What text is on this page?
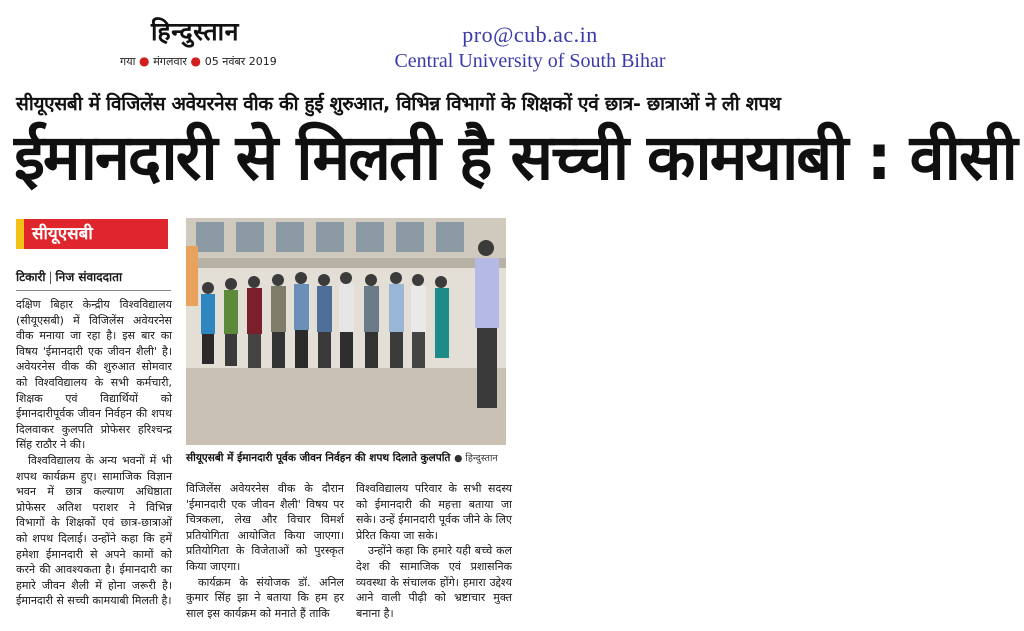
हिन्दुस्तान
गया ● मंगलवार ● 05 नवंबर 2019
pro@cub.ac.in
Central University of South Bihar
सीयूएसबी में विजिलेंस अवेयरनेस वीक की हुई शुरुआत, विभिन्न विभागों के शिक्षकों एवं छात्र- छात्राओं ने ली शपथ
ईमानदारी से मिलती है सच्ची कामयाबी : वीसी
सीयूएसबी
टिकारी | निज संवाददाता

दक्षिण बिहार केन्द्रीय विश्वविद्यालय (सीयूएसबी) में विजिलेंस अवेयरनेस वीक मनाया जा रहा है। इस बार का विषय 'ईमानदारी एक जीवन शैली' है। अवेयरनेस वीक की शुरुआत सोमवार को विश्वविद्यालय के सभी कर्मचारी, शिक्षक एवं विद्यार्थियों को ईमानदारीपूर्वक जीवन निर्वहन की शपथ दिलवाकर कुलपति प्रोफेसर हरिश्चन्द्र सिंह राठौर ने की।

विश्वविद्यालय के अन्य भवनों में भी शपथ कार्यक्रम हुए। सामाजिक विज्ञान भवन में छात्र कल्याण अधिष्ठाता प्रोफेसर अतिश पराशर ने विभिन्न विभागों के शिक्षकों एवं छात्र-छात्राओं को शपथ दिलाई। उन्होंने कहा कि हमें हमेशा ईमानदारी से अपने कामों को करने की आवश्यकता है। ईमानदारी का हमारे जीवन शैली में होना जरूरी है। ईमानदारी से सच्ची कामयाबी मिलती है।

सीयूएसबी में ईमानदारी पूर्वक जीवन निर्वहन की शपथ दिलाते कुलपति ● हिन्दुस्तान

विजिलेंस अवेयरनेस वीक के दौरान 'ईमानदारी एक जीवन शैली' विषय पर चित्रकला, लेख और विचार विमर्श प्रतियोगिता आयोजित किया जाएगा। प्रतियोगिता के विजेताओं को पुरस्कृत किया जाएगा।

कार्यक्रम के संयोजक डॉ. अनिल कुमार सिंह झा ने बताया कि हम हर साल इस कार्यक्रम को मनाते हैं ताकि

विश्वविद्यालय परिवार के सभी सदस्य को ईमानदारी की महत्ता बताया जा सके। उन्हें ईमानदारी पूर्वक जीने के लिए प्रेरित किया जा सके।

उन्होंने कहा कि हमारे यही बच्चे कल देश की सामाजिक एवं प्रशासनिक व्यवस्था के संचालक होंगे। हमारा उद्देश्य आने वाली पीढ़ी को भ्रष्टाचार मुक्त बनाना है।
